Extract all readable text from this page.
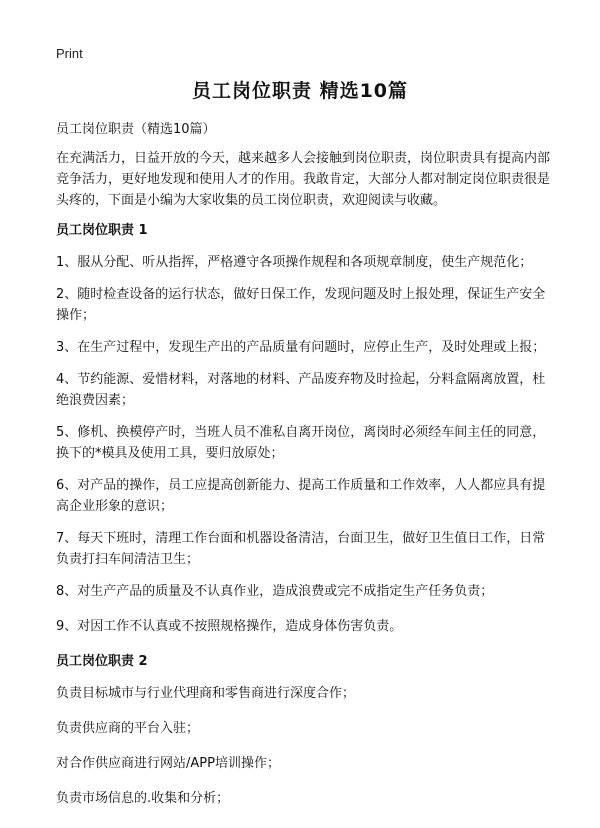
Print
员工岗位职责 精选10篇

员工岗位职责（精选10篇）

在充满活力，日益开放的今天，越来越多人会接触到岗位职责，岗位职责具有提高内部竞争活力，更好地发现和使用人才的作用。我敢肯定，大部分人都对制定岗位职责很是头疼的，下面是小编为大家收集的员工岗位职责，欢迎阅读与收藏。

员工岗位职责 1

1、服从分配、听从指挥，严格遵守各项操作规程和各项规章制度，使生产规范化；

2、随时检查设备的运行状态，做好日保工作，发现问题及时上报处理，保证生产安全操作；

3、在生产过程中，发现生产出的产品质量有问题时，应停止生产，及时处理或上报；

4、节约能源、爱惜材料，对落地的材料、产品废弃物及时捡起，分料盒隔离放置，杜绝浪费因素；

5、修机、换模停产时，当班人员不准私自离开岗位，离岗时必须经车间主任的同意，换下的*模具及使用工具，要归放原处；

6、对产品的操作，员工应提高创新能力、提高工作质量和工作效率，人人都应具有提高企业形象的意识；

7、每天下班时，清理工作台面和机器设备清洁，台面卫生，做好卫生值日工作，日常负责打扫车间清洁卫生；

8、对生产产品的质量及不认真作业，造成浪费或完不成指定生产任务负责；

9、对因工作不认真或不按照规格操作，造成身体伤害负责。

员工岗位职责 2

负责目标城市与行业代理商和零售商进行深度合作；

负责供应商的平台入驻；

对合作供应商进行网站/APP培训操作；

负责市场信息的.收集和分析；
